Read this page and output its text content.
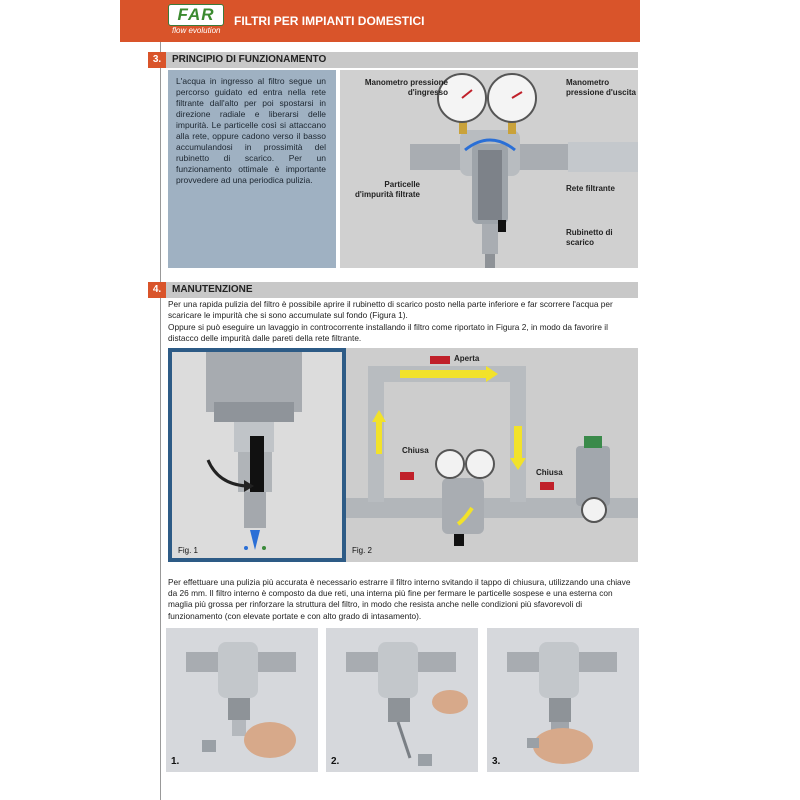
FAR
flow evolution
FILTRI PER IMPIANTI DOMESTICI
3.	PRINCIPIO DI FUNZIONAMENTO
L'acqua in ingresso al filtro segue un percorso guidato ed entra nella rete filtrante dall'alto per poi spostarsi in direzione radiale e liberarsi delle impurità. Le particelle così si attaccano alla rete, oppure cadono verso il basso accumulandosi in prossimità del rubinetto di scarico. Per un funzionamento ottimale è importante provvedere ad una periodica pulizia.
Manometro pressione d'ingresso
Manometro pressione d'uscita
Particelle d'impurità filtrate
Rete filtrante
Rubinetto di scarico
4.	MANUTENZIONE
Per una rapida pulizia del filtro è possibile aprire il rubinetto di scarico posto nella parte inferiore e far scorrere l'acqua per scaricare le impurità che si sono accumulate sul fondo (Figura 1).
Oppure si può eseguire un lavaggio in controcorrente installando il filtro come riportato in Figura 2, in modo da favorire il distacco delle impurità dalle pareti della rete filtrante.
Fig. 1
Aperta
Chiusa
Chiusa
Fig. 2
Per effettuare una pulizia più accurata è necessario estrarre il filtro interno svitando il tappo di chiusura, utilizzando una chiave da 26 mm. Il filtro interno è composto da due reti, una interna più fine per fermare le particelle sospese e una esterna con maglia più grossa per rinforzare la struttura del filtro, in modo che resista anche nelle condizioni più sfavorevoli di funzionamento (con elevate portate e con alto grado di intasamento).
1.	2.	3.
